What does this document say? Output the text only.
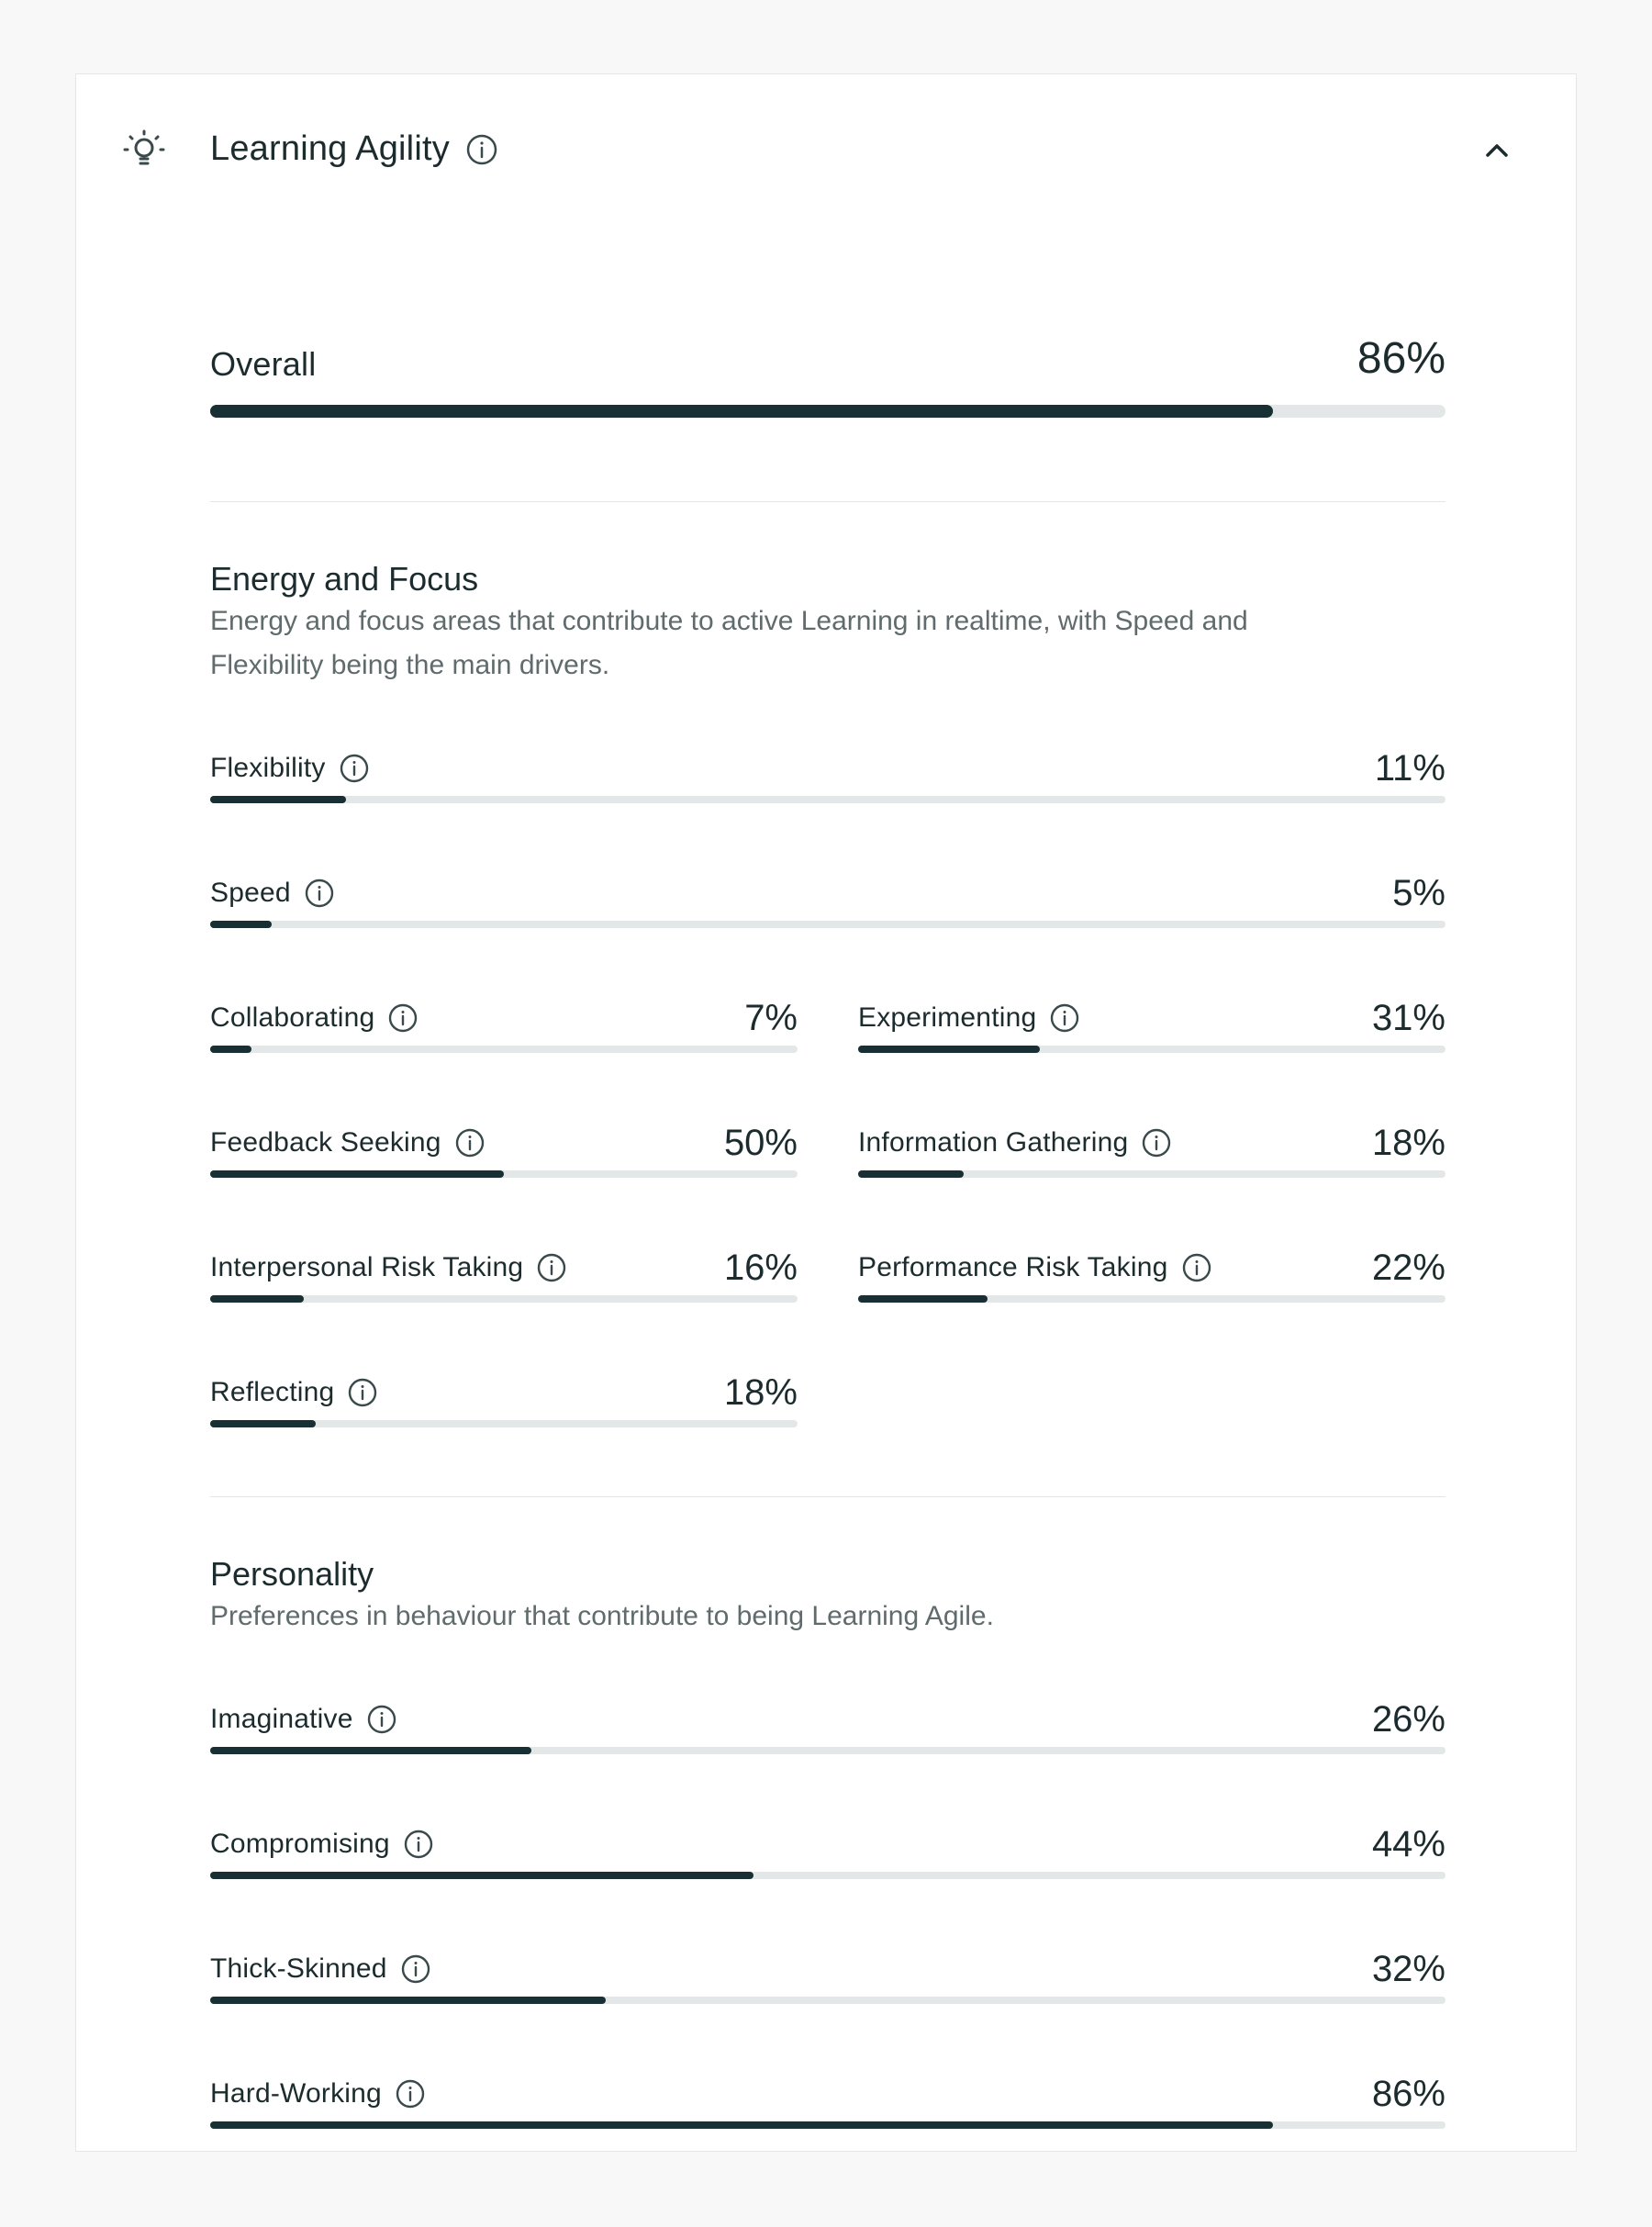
Learning Agility
Overall	86%
Energy and Focus
Energy and focus areas that contribute to active Learning in realtime, with Speed and Flexibility being the main drivers.
Flexibility	11%
Speed	5%
Collaborating	7% Experimenting	31%
Feedback Seeking	50% Information Gathering	18%
Interpersonal Risk Taking	16% Performance Risk Taking	22%
Reflecting	18%
Personality
Preferences in behaviour that contribute to being Learning Agile.
Imaginative	26%
Compromising	44%
Thick-Skinned	32%
Hard-Working	86%
